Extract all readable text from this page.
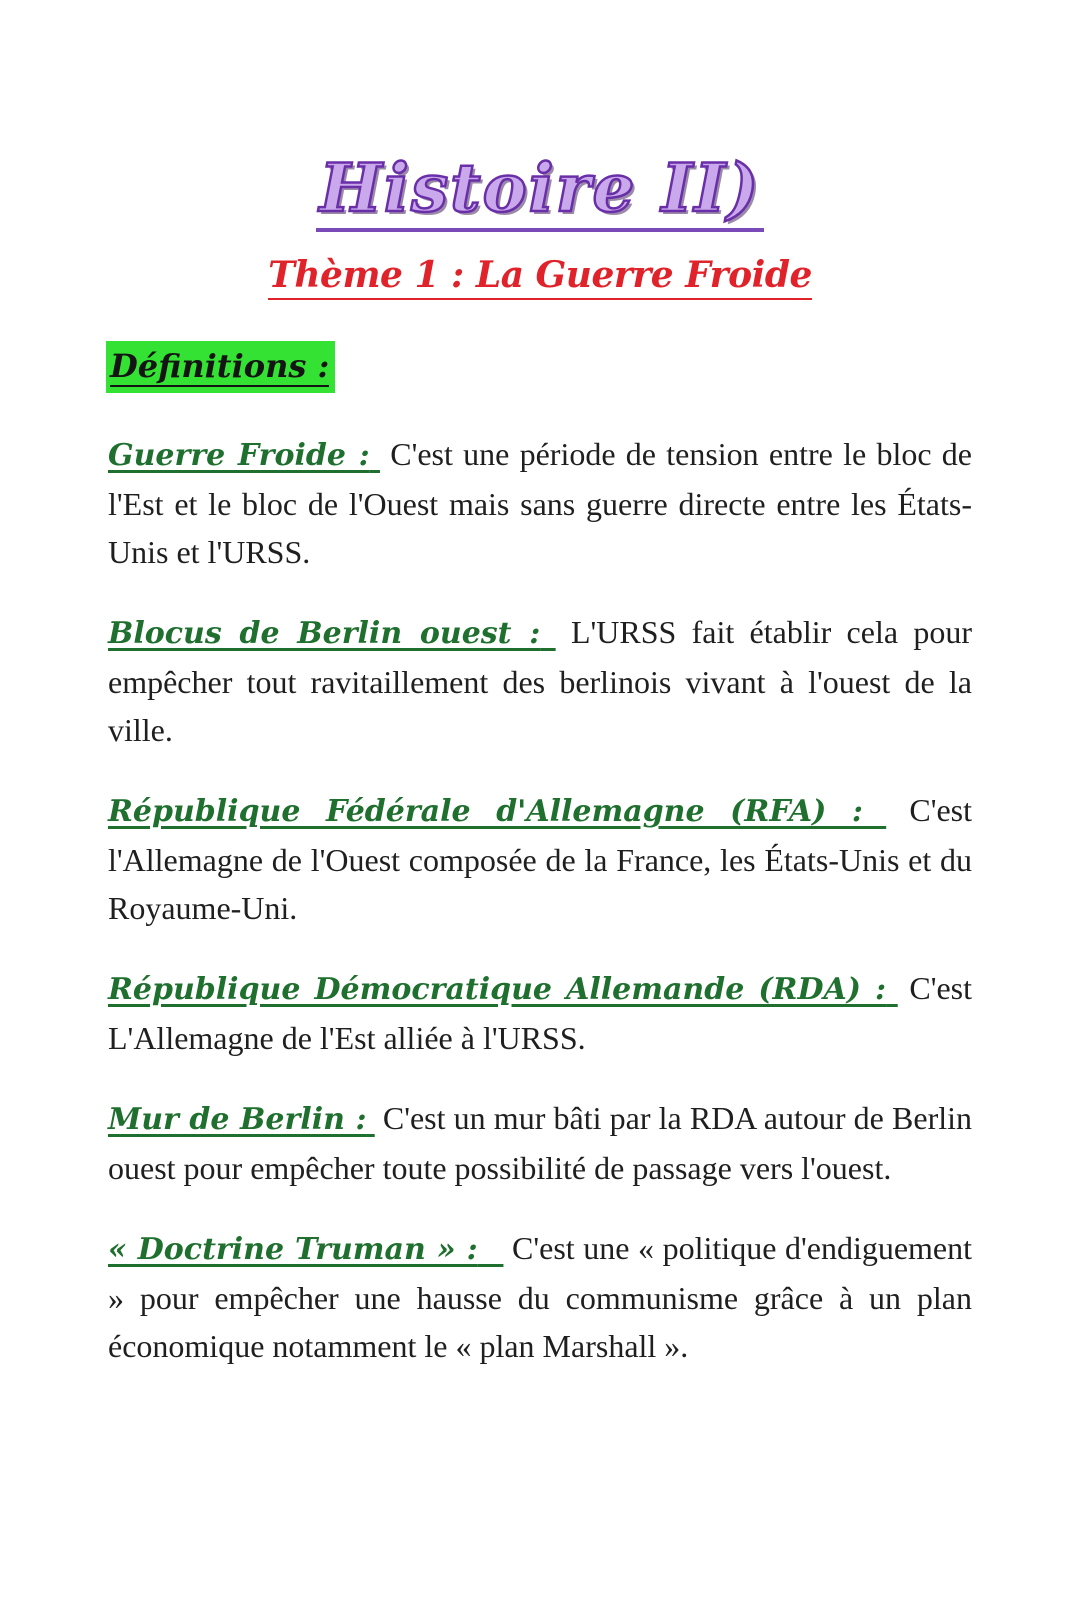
Histoire II)
Thème 1 : La Guerre Froide
Définitions :

Guerre Froide : C'est une période de tension entre le bloc de l'Est et le bloc de l'Ouest mais sans guerre directe entre les États-Unis et l'URSS.

Blocus de Berlin ouest : L'URSS fait établir cela pour empêcher tout ravitaillement des berlinois vivant à l'ouest de la ville.

République Fédérale d'Allemagne (RFA) : C'est l'Allemagne de l'Ouest composée de la France, les États-Unis et du Royaume-Uni.

République Démocratique Allemande (RDA) : C'est L'Allemagne de l'Est alliée à l'URSS.

Mur de Berlin : C'est un mur bâti par la RDA autour de Berlin ouest pour empêcher toute possibilité de passage vers l'ouest.

« Doctrine Truman » : C'est une « politique d'endiguement » pour empêcher une hausse du communisme grâce à un plan économique notamment le « plan Marshall ».
